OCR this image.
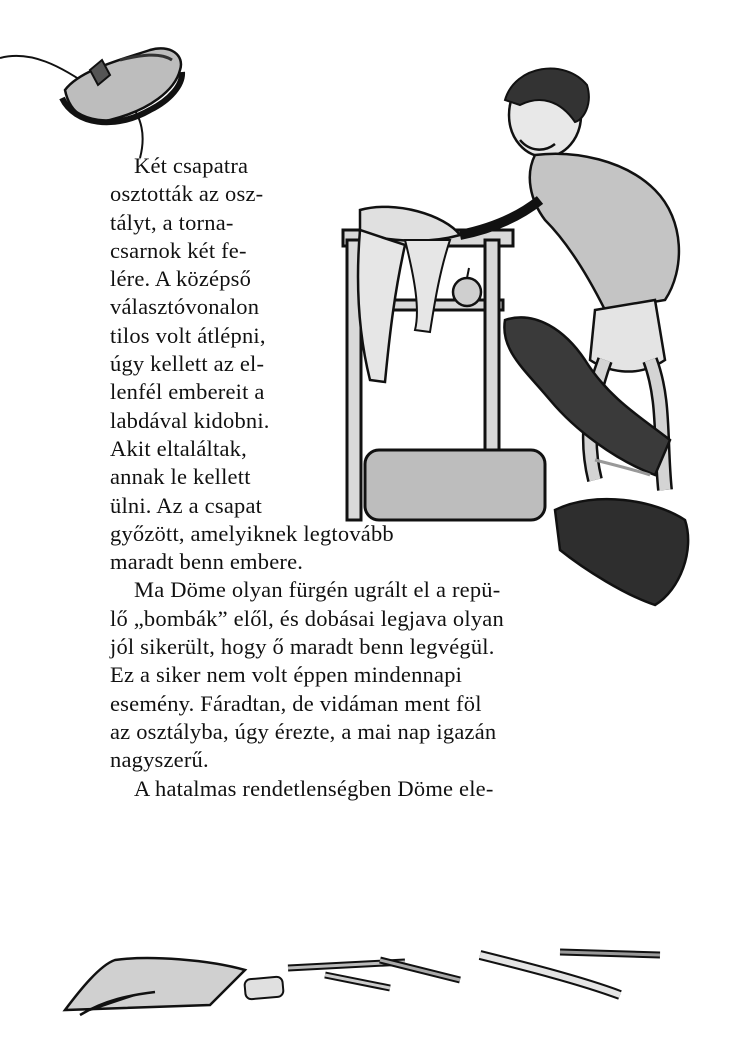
Két csapatra
osztották az osz-
tályt, a torna-
csarnok két fe-
lére. A középső
választóvonalon
tilos volt átlépni,
úgy kellett az el-
lenfél embereit a
labdával kidobni.
Akit eltaláltak,
annak le kellett
ülni. Az a csapat
győzött, amelyiknek legtovább
maradt benn embere.
Ma Döme olyan fürgén ugrált el a repü-
lő „bombák” elől, és dobásai legjava olyan
jól sikerült, hogy ő maradt benn legvégül.
Ez a siker nem volt éppen mindennapi
esemény. Fáradtan, de vidáman ment föl
az osztályba, úgy érezte, a mai nap igazán
nagyszerű.
A hatalmas rendetlenségben Döme ele-
